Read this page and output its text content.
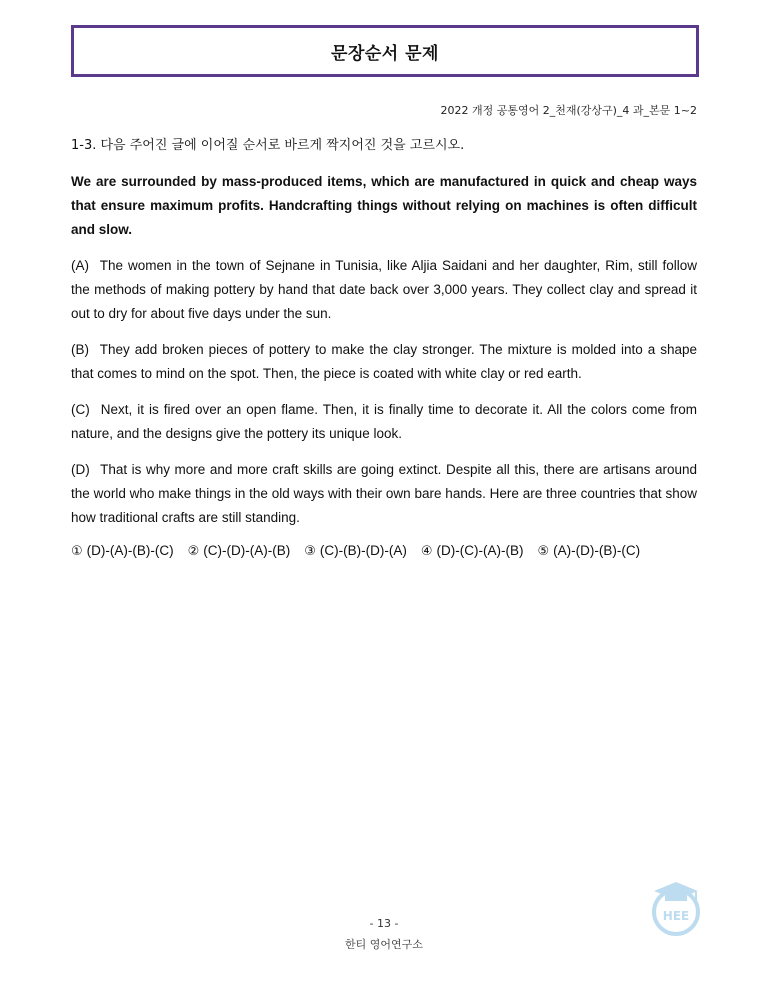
문장순서 문제
2022 개정 공통영어 2_천재(강상구)_4 과_본문 1~2
1-3. 다음 주어진 글에 이어질 순서로 바르게 짝지어진 것을 고르시오.
We are surrounded by mass-produced items, which are manufactured in quick and cheap ways that ensure maximum profits. Handcrafting things without relying on machines is often difficult and slow.
(A) The women in the town of Sejnane in Tunisia, like Aljia Saidani and her daughter, Rim, still follow the methods of making pottery by hand that date back over 3,000 years. They collect clay and spread it out to dry for about five days under the sun.
(B) They add broken pieces of pottery to make the clay stronger. The mixture is molded into a shape that comes to mind on the spot. Then, the piece is coated with white clay or red earth.
(C) Next, it is fired over an open flame. Then, it is finally time to decorate it. All the colors come from nature, and the designs give the pottery its unique look.
(D) That is why more and more craft skills are going extinct. Despite all this, there are artisans around the world who make things in the old ways with their own bare hands. Here are three countries that show how traditional crafts are still standing.
① (D)-(A)-(B)-(C) ② (C)-(D)-(A)-(B) ③ (C)-(B)-(D)-(A) ④ (D)-(C)-(A)-(B) ⑤ (A)-(D)-(B)-(C)
HEE
- 13 -
한티 영어연구소
